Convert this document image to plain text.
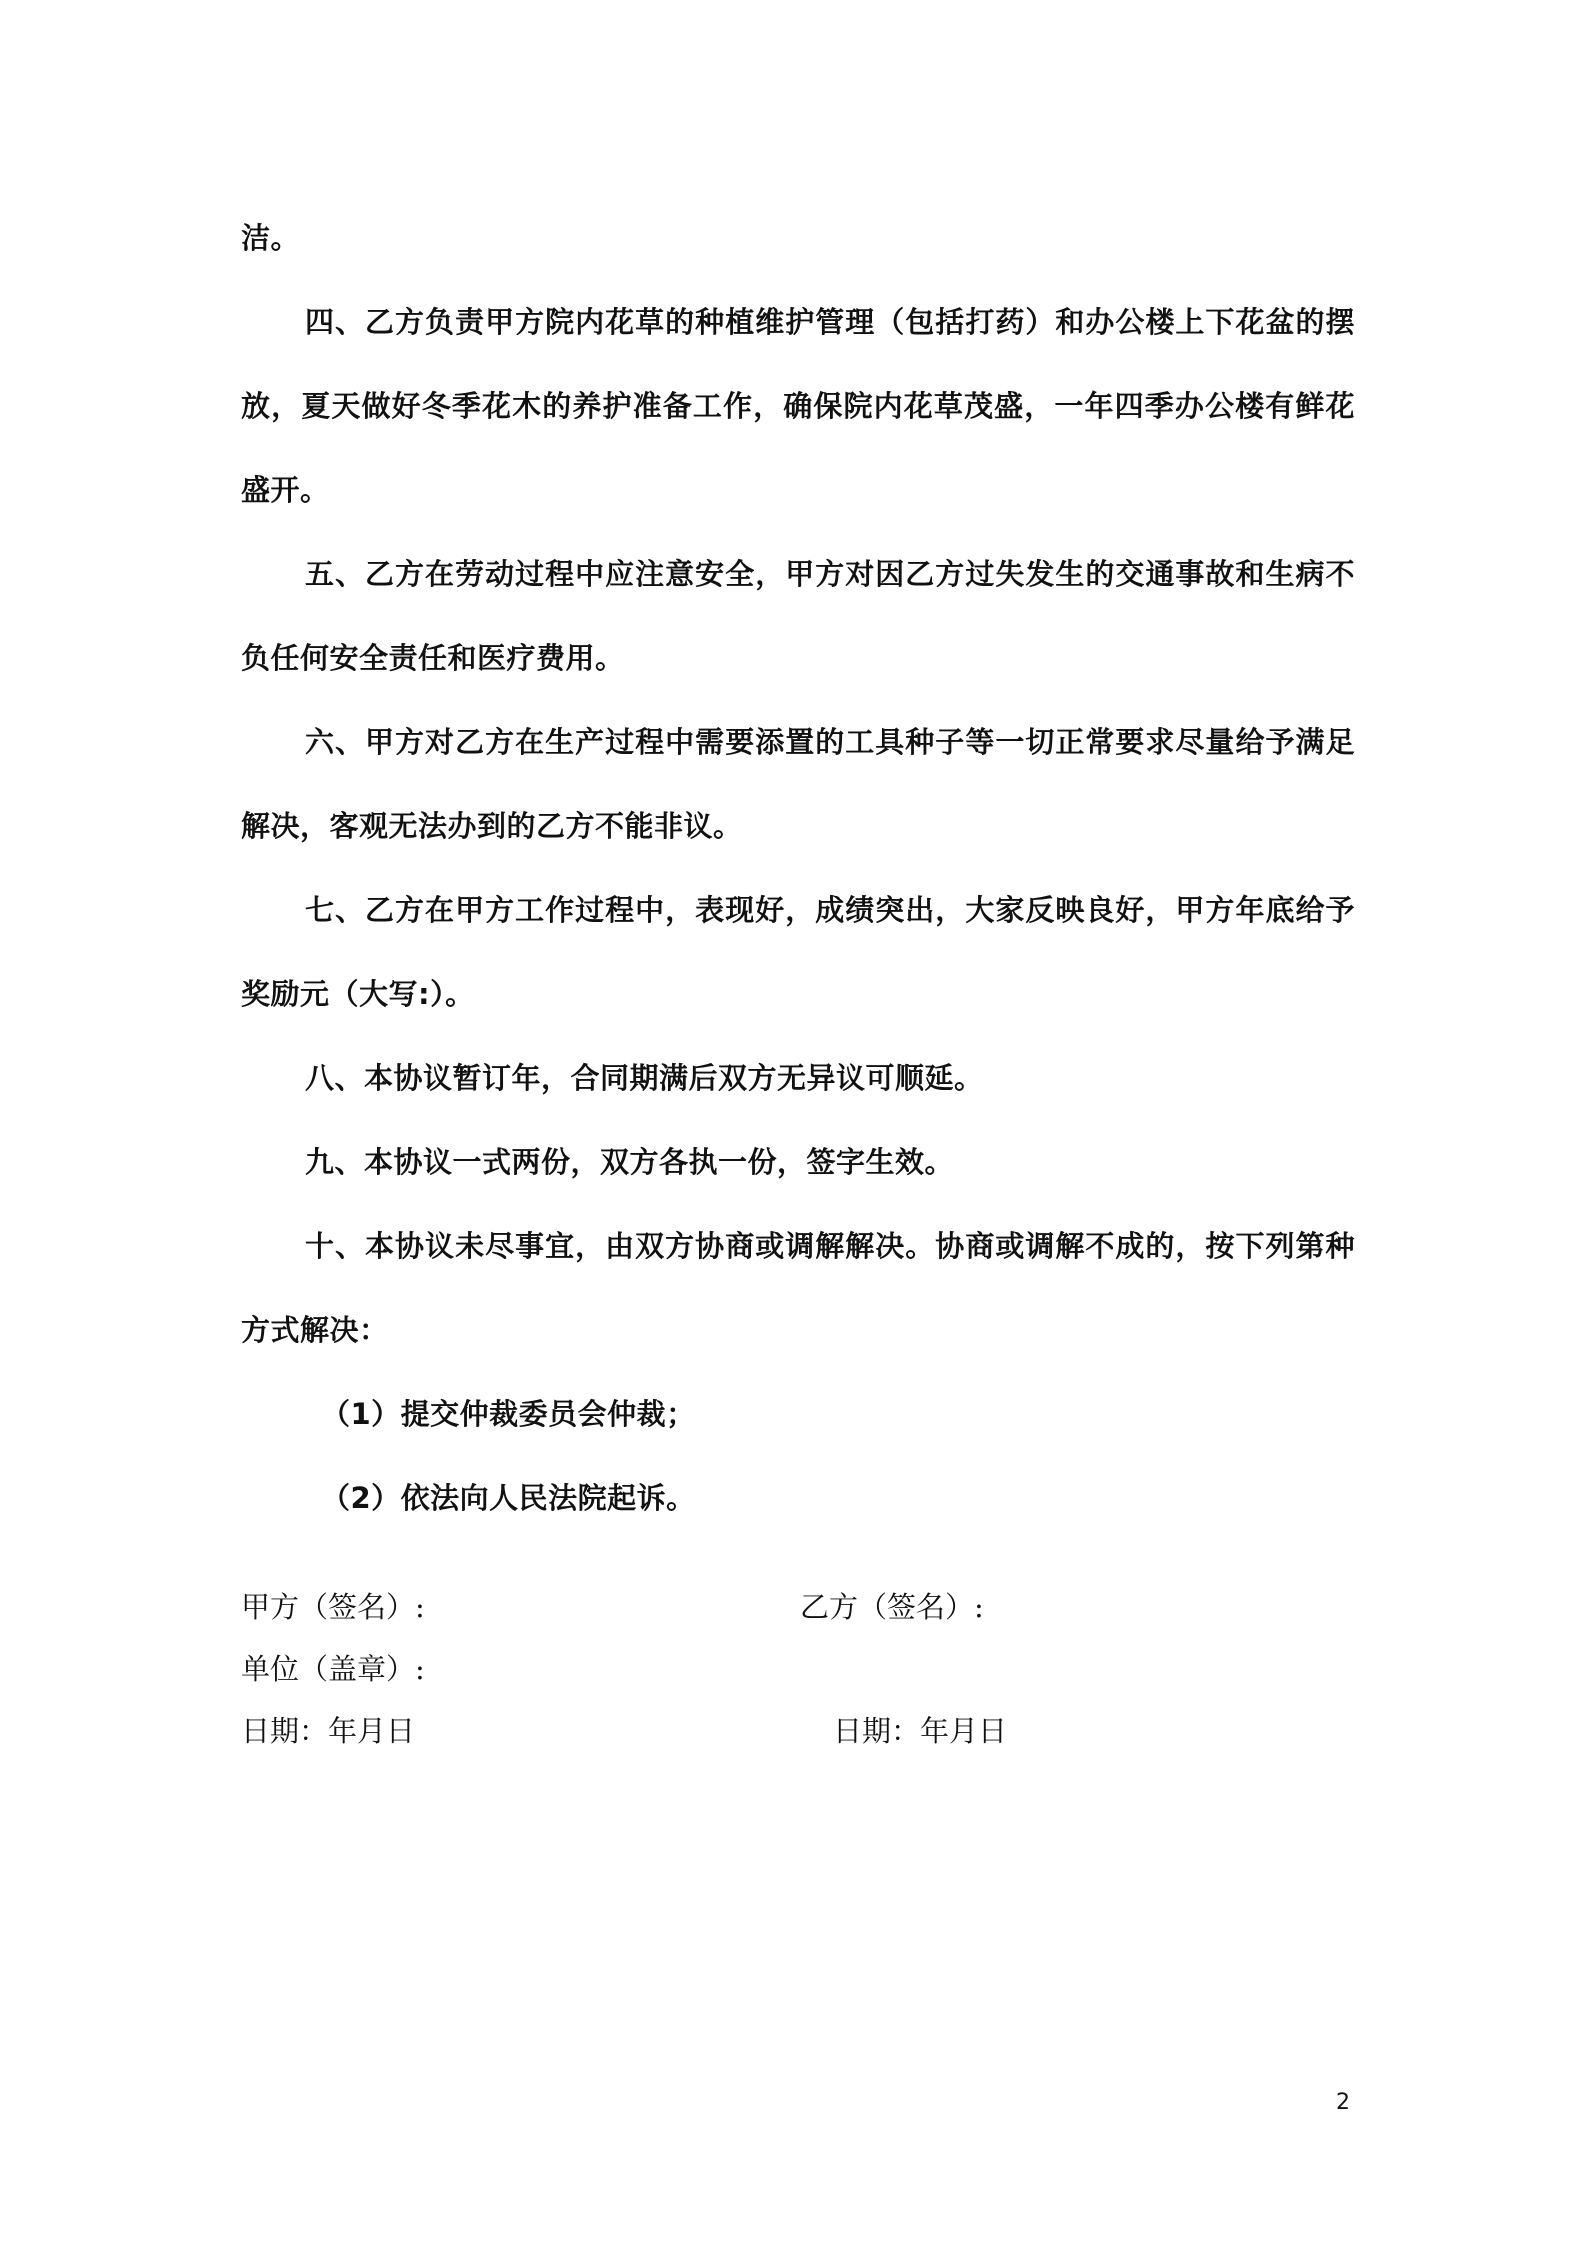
洁。

四、乙方负责甲方院内花草的种植维护管理（包括打药）和办公楼上下花盆的摆放，夏天做好冬季花木的养护准备工作，确保院内花草茂盛，一年四季办公楼有鲜花盛开。

五、乙方在劳动过程中应注意安全，甲方对因乙方过失发生的交通事故和生病不负任何安全责任和医疗费用。

六、甲方对乙方在生产过程中需要添置的工具种子等一切正常要求尽量给予满足解决，客观无法办到的乙方不能非议。

七、乙方在甲方工作过程中，表现好，成绩突出，大家反映良好，甲方年底给予奖励元（大写:）。

八、本协议暂订年，合同期满后双方无异议可顺延。

九、本协议一式两份，双方各执一份，签字生效。

十、本协议未尽事宜，由双方协商或调解解决。协商或调解不成的，按下列第种方式解决：

（1）提交仲裁委员会仲裁；

（2）依法向人民法院起诉。

甲方（签名）:	乙方（签名）:
单位（盖章）:
日期：年月日	日期：年月日
2
